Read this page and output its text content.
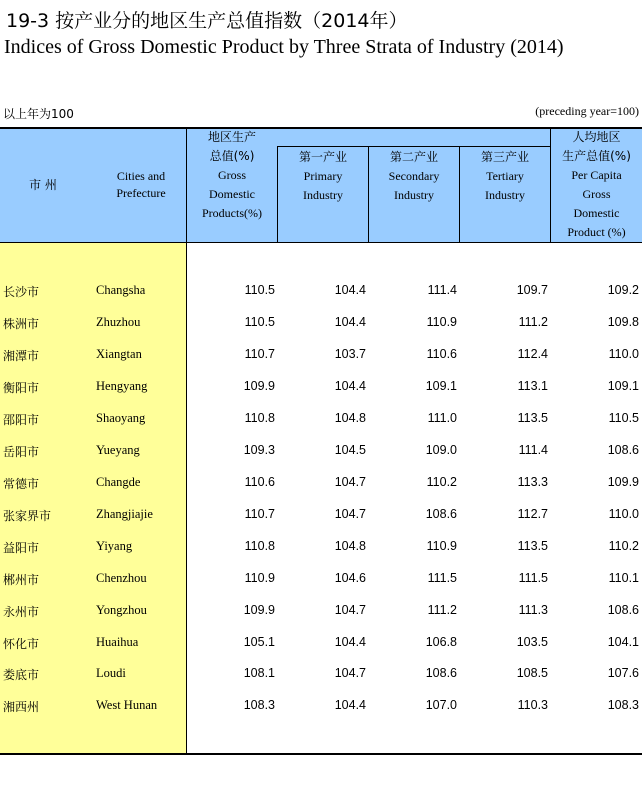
19-3 按产业分的地区生产总值指数（2014年）
Indices of Gross Domestic Product by Three Strata of Industry (2014)
以上年为100	(preceding year=100)
市 州
Cities and
Prefecture
地区生产
总值(%)
Gross
Domestic
Products(%)
第一产业
Primary
Industry
第二产业
Secondary
Industry
第三产业
Tertiary
Industry
人均地区
生产总值(%)
Per Capita
Gross
Domestic
Product (%)
长沙市	Changsha	110.5	104.4	111.4	109.7	109.2
株洲市	Zhuzhou	110.5	104.4	110.9	111.2	109.8
湘潭市	Xiangtan	110.7	103.7	110.6	112.4	110.0
衡阳市	Hengyang	109.9	104.4	109.1	113.1	109.1
邵阳市	Shaoyang	110.8	104.8	111.0	113.5	110.5
岳阳市	Yueyang	109.3	104.5	109.0	111.4	108.6
常德市	Changde	110.6	104.7	110.2	113.3	109.9
张家界市	Zhangjiajie	110.7	104.7	108.6	112.7	110.0
益阳市	Yiyang	110.8	104.8	110.9	113.5	110.2
郴州市	Chenzhou	110.9	104.6	111.5	111.5	110.1
永州市	Yongzhou	109.9	104.7	111.2	111.3	108.6
怀化市	Huaihua	105.1	104.4	106.8	103.5	104.1
娄底市	Loudi	108.1	104.7	108.6	108.5	107.6
湘西州	West Hunan	108.3	104.4	107.0	110.3	108.3
